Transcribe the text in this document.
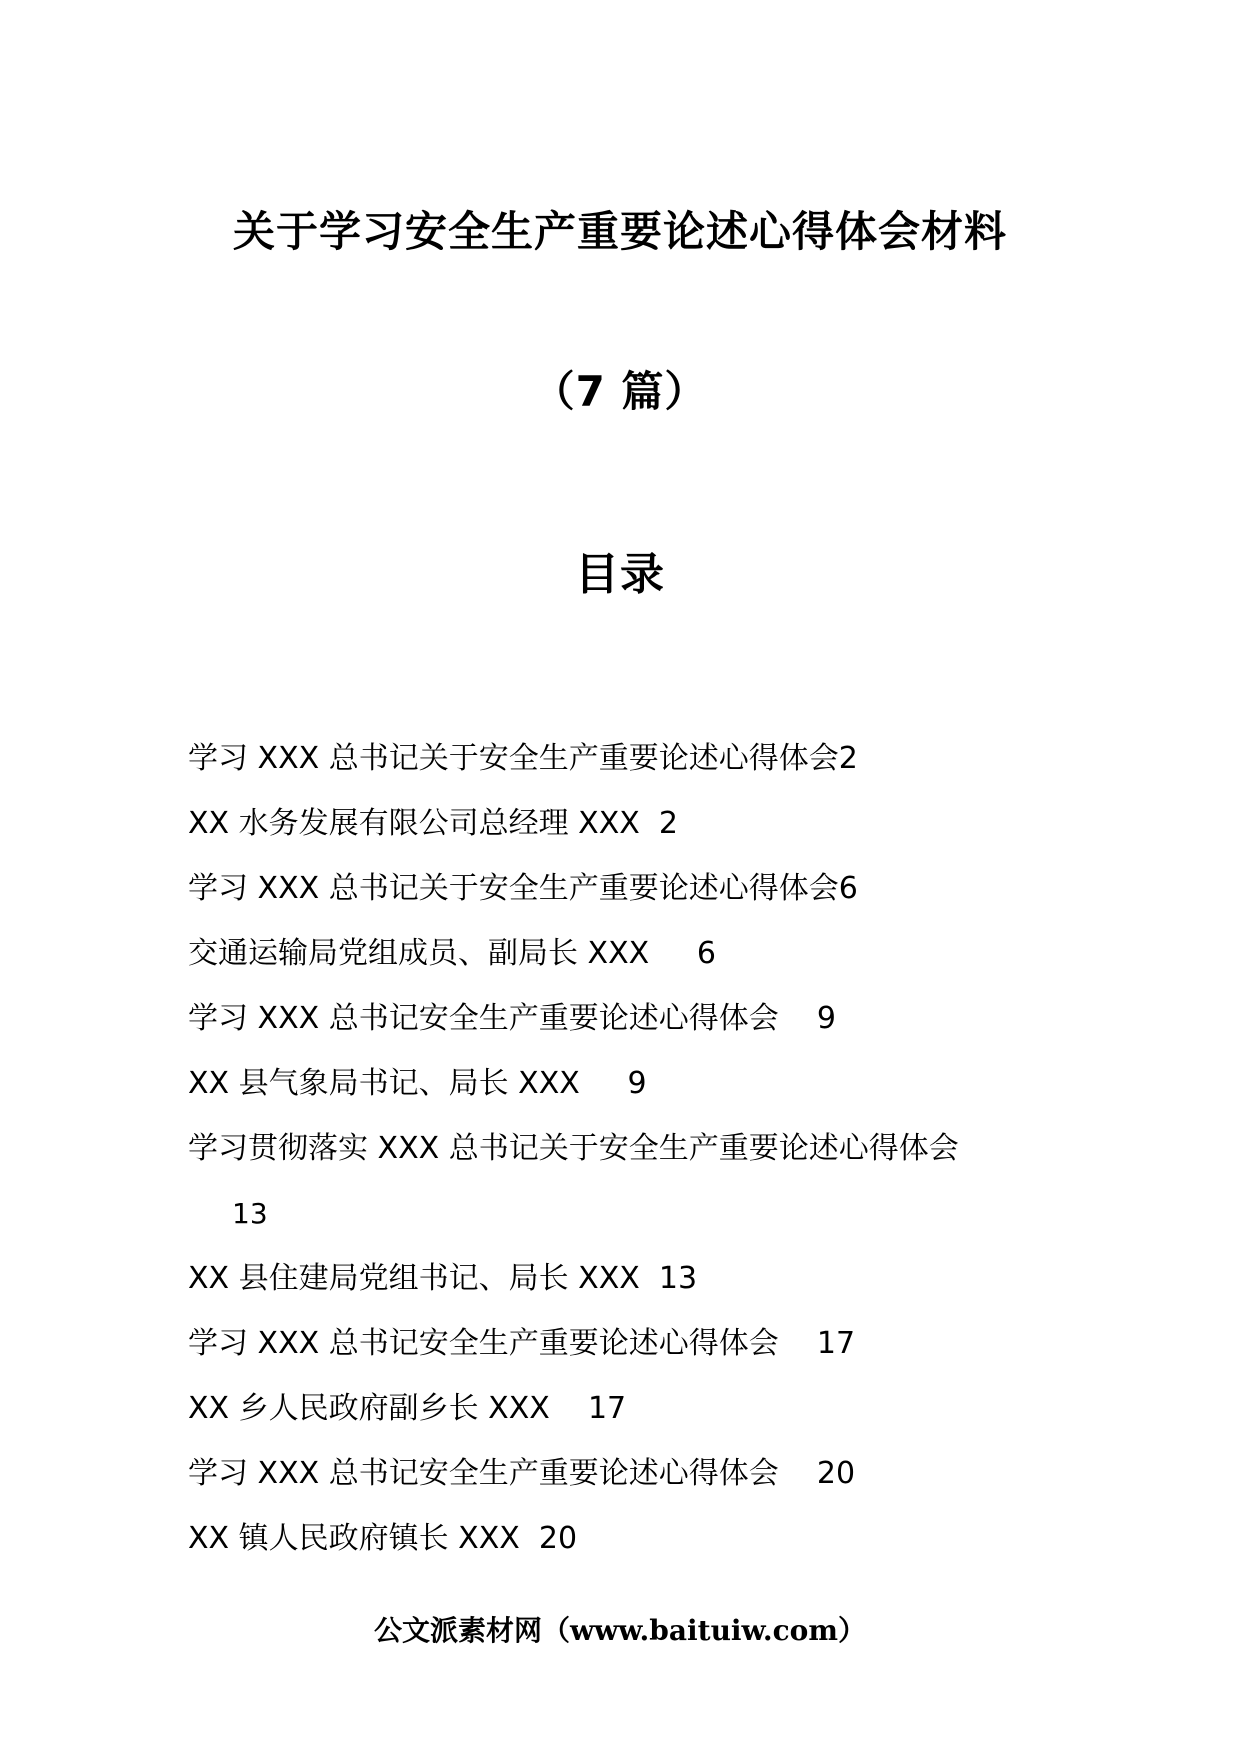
关于学习安全生产重要论述心得体会材料
（7 篇）
目录
学习 XXX 总书记关于安全生产重要论述心得体会2
XX 水务发展有限公司总经理 XXX  2
学习 XXX 总书记关于安全生产重要论述心得体会6
交通运输局党组成员、副局长 XXX     6
学习 XXX 总书记安全生产重要论述心得体会    9
XX 县气象局书记、局长 XXX     9
学习贯彻落实 XXX 总书记关于安全生产重要论述心得体会
13
XX 县住建局党组书记、局长 XXX  13
学习 XXX 总书记安全生产重要论述心得体会    17
XX 乡人民政府副乡长 XXX    17
学习 XXX 总书记安全生产重要论述心得体会    20
XX 镇人民政府镇长 XXX  20
公文派素材网（www.baituiw.com）
